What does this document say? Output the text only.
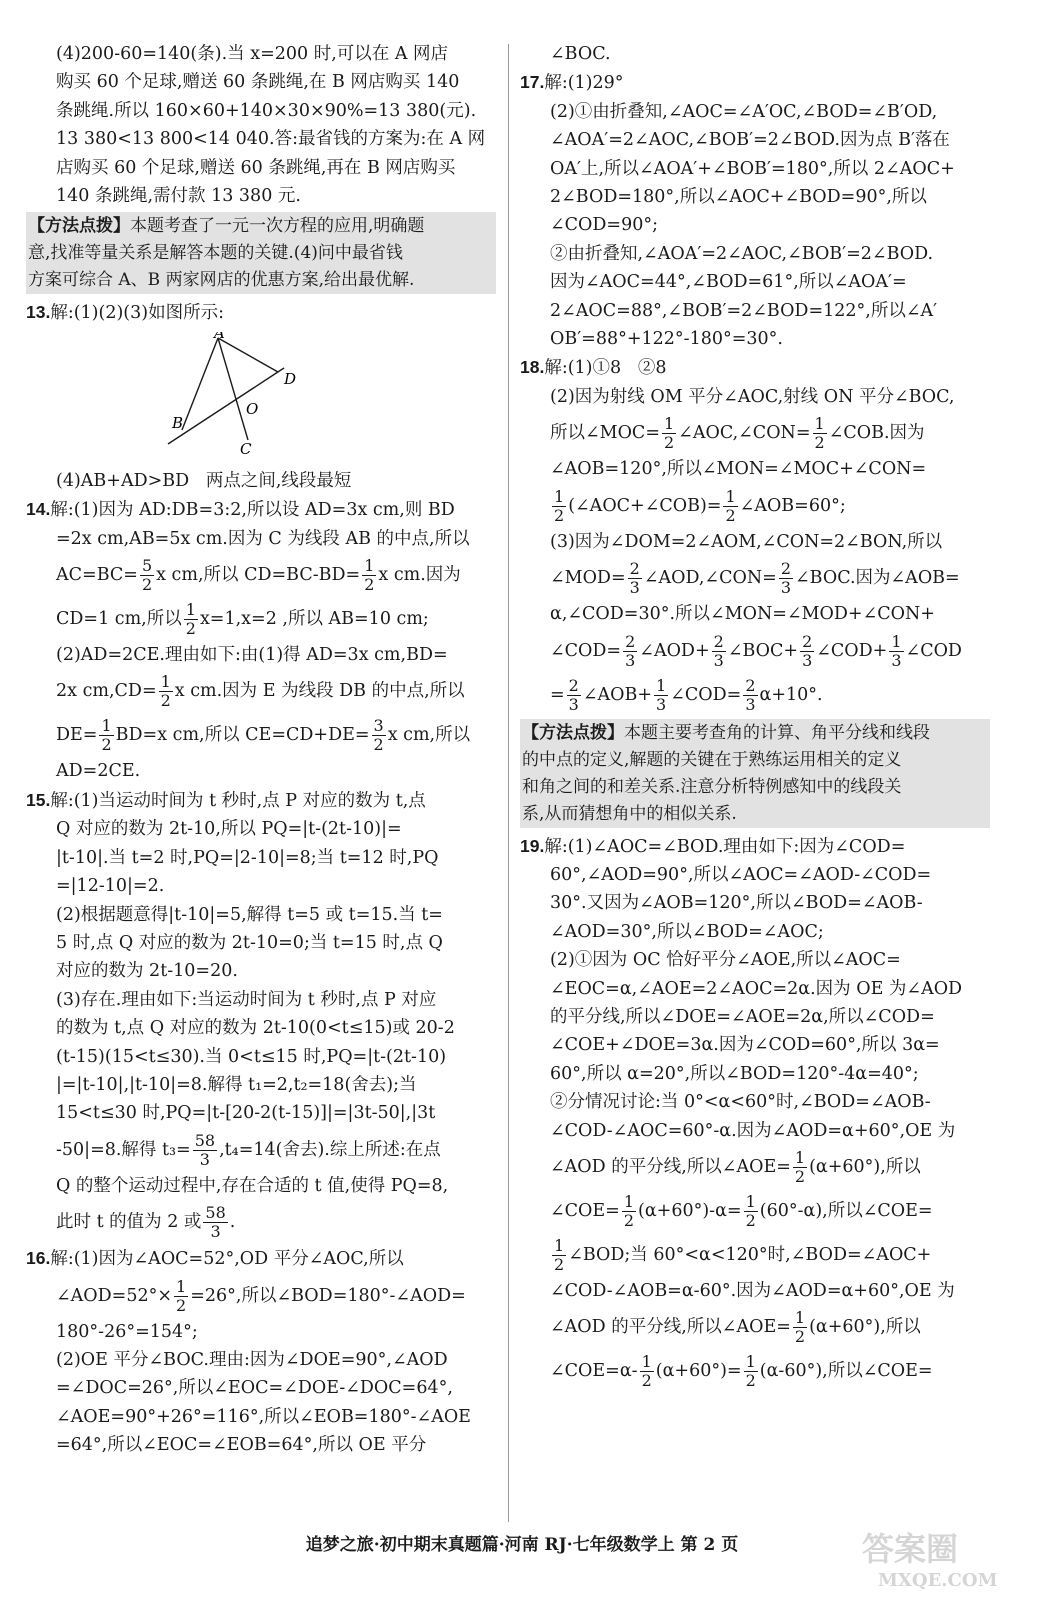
(4)200-60=140(条).当 x=200 时,可以在 A 网店

购买 60 个足球,赠送 60 条跳绳,在 B 网店购买 140

条跳绳.所以 160×60+140×30×90%=13 380(元).

13 380<13 800<14 040.答:最省钱的方案为:在 A 网

店购买 60 个足球,赠送 60 条跳绳,再在 B 网店购买

140 条跳绳,需付款 13 380 元.

【方法点拨】本题考查了一元一次方程的应用,明确题
意,找准等量关系是解答本题的关键.(4)问中最省钱
方案可综合 A、B 两家网店的优惠方案,给出最优解.

13.解:(1)(2)(3)如图所示:

A
B
C
D
O

(4)AB+AD>BD   两点之间,线段最短

14.解:(1)因为 AD:DB=3:2,所以设 AD=3x cm,则 BD

=2x cm,AB=5x cm.因为 C 为线段 AB 的中点,所以

$AC=BC= \frac{5}{2}$ x cm,所以 $CD=BC-BD= \frac{1}{2}$ x cm.因为

CD=1 cm,所以 $\frac{1}{2} x=1,x=2$ ,所以 AB=10 cm;

(2)AD=2CE.理由如下:由(1)得 AD=3x cm,BD=

2x $cm,CD= \frac{1}{2}$ x cm.因为 E 为线段 DB 的中点,所以

$DE= \frac{1}{2} BD=x$ cm,所以 $CE=CD+DE= \frac{3}{2}$ x cm,所以

AD=2CE.

15.解:(1)当运动时间为 t 秒时,点 P 对应的数为 t,点

Q 对应的数为 2t-10,所以 PQ=|t-(2t-10)|=

|t-10|.当 t=2 时,PQ=|2-10|=8;当 t=12 时,PQ

=|12-10|=2.

(2)根据题意得|t-10|=5,解得 t=5 或 t=15.当 t=

5 时,点 Q 对应的数为 2t-10=0;当 t=15 时,点 Q

对应的数为 2t-10=20.

(3)存在.理由如下:当运动时间为 t 秒时,点 P 对应

的数为 t,点 Q 对应的数为 2t-10(0<t≤15)或 20-2

(t-15)(15<t≤30).当 0<t≤15 时,PQ=|t-(2t-10)

|=|t-10|,|t-10|=8.解得 t₁=2,t₂=18(舍去);当

15<t≤30 时,PQ=|t-[20-2(t-15)]|=|3t-50|,|3t

-50|=8.解得 $t_3= \frac{58}{3} ,t_4=14$(舍去).综上所述:在点

Q 的整个运动过程中,存在合适的 t 值,使得 PQ=8,

此时 t 的值为 2 或 $\frac{58}{3}$ .

16.解:(1)因为∠AOC=52°,OD 平分∠AOC,所以

∠AOD=52°× $\frac{1}{2} =26^\circ$,所以∠BOD=180°-∠AOD=

180°-26°=154°;

(2)OE 平分∠BOC.理由:因为∠DOE=90°,∠AOD

=∠DOC=26°,所以∠EOC=∠DOE-∠DOC=64°,

∠AOE=90°+26°=116°,所以∠EOB=180°-∠AOE

=64°,所以∠EOC=∠EOB=64°,所以 OE 平分

∠BOC.

17.解:(1)29°

(2)①由折叠知,∠AOC=∠A′OC,∠BOD=∠B′OD,

∠AOA′=2∠AOC,∠BOB′=2∠BOD.因为点 B′落在

OA′上,所以∠AOA′+∠BOB′=180°,所以 2∠AOC+

2∠BOD=180°,所以∠AOC+∠BOD=90°,所以

∠COD=90°;

②由折叠知,∠AOA′=2∠AOC,∠BOB′=2∠BOD.

因为∠AOC=44°,∠BOD=61°,所以∠AOA′=

2∠AOC=88°,∠BOB′=2∠BOD=122°,所以∠A′

OB′=88°+122°-180°=30°.

18.解:(1)①8   ②8

(2)因为射线 OM 平分∠AOC,射线 ON 平分∠BOC,

所以∠MOC= $\frac{1}{2}$ ∠AOC,∠CON= $\frac{1}{2}$ ∠COB.因为

∠AOB=120°,所以∠MON=∠MOC+∠CON=

$\frac{1}{2}$ (∠AOC+∠COB)= $\frac{1}{2}$ ∠AOB=60°;

(3)因为∠DOM=2∠AOM,∠CON=2∠BON,所以

∠MOD= $\frac{2}{3}$ ∠AOD,∠CON= $\frac{2}{3}$ ∠BOC.因为∠AOB=

α,∠COD=30°.所以∠MON=∠MOD+∠CON+

∠COD= $\frac{2}{3}$ ∠AOD+ $\frac{2}{3}$ ∠BOC+ $\frac{2}{3}$ ∠COD+ $\frac{1}{3}$ ∠COD

= $\frac{2}{3}$ ∠AOB+ $\frac{1}{3}$ ∠COD= $\frac{2}{3} \alpha+10^\circ$.

【方法点拨】本题主要考查角的计算、角平分线和线段
的中点的定义,解题的关键在于熟练运用相关的定义
和角之间的和差关系.注意分析特例感知中的线段关
系,从而猜想角中的相似关系.

19.解:(1)∠AOC=∠BOD.理由如下:因为∠COD=

60°,∠AOD=90°,所以∠AOC=∠AOD-∠COD=

30°.又因为∠AOB=120°,所以∠BOD=∠AOB-

∠AOD=30°,所以∠BOD=∠AOC;

(2)①因为 OC 恰好平分∠AOE,所以∠AOC=

∠EOC=α,∠AOE=2∠AOC=2α.因为 OE 为∠AOD

的平分线,所以∠DOE=∠AOE=2α,所以∠COD=

∠COE+∠DOE=3α.因为∠COD=60°,所以 3α=

60°,所以 α=20°,所以∠BOD=120°-4α=40°;

②分情况讨论:当 0°<α<60°时,∠BOD=∠AOB-

∠COD-∠AOC=60°-α.因为∠AOD=α+60°,OE 为

∠AOD 的平分线,所以∠AOE= $\frac{1}{2} (\alpha+60^\circ)$,所以

∠COE= $\frac{1}{2} (\alpha+60^\circ)-\alpha= \frac{1}{2} (60^\circ-\alpha)$,所以∠COE=

$\frac{1}{2}$ ∠BOD;当 60°<α<120°时,∠BOD=∠AOC+

∠COD-∠AOB=α-60°.因为∠AOD=α+60°,OE 为

∠AOD 的平分线,所以∠AOE= $\frac{1}{2} (\alpha+60^\circ)$,所以

∠COE=α- $\frac{1}{2} (\alpha+60^\circ)= \frac{1}{2} (\alpha-60^\circ)$,所以∠COE=

追梦之旅·初中期末真题篇·河南 RJ·七年级数学上 第 2 页	答案圈
MXQE.COM
